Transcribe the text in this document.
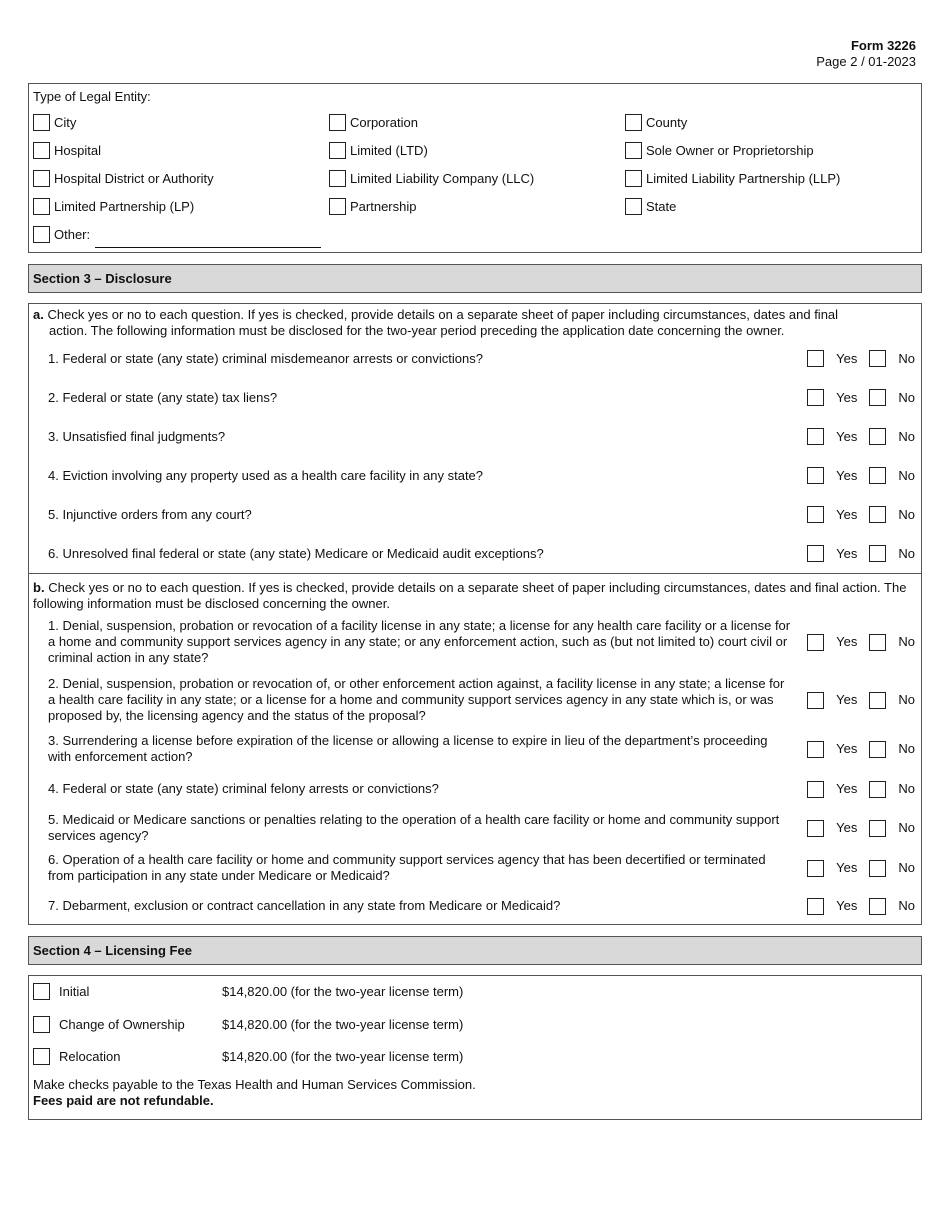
Form 3226
Page 2 / 01-2023
Type of Legal Entity:
City	Corporation	County
Hospital	Limited (LTD)	Sole Owner or Proprietorship
Hospital District or Authority	Limited Liability Company (LLC)	Limited Liability Partnership (LLP)
Limited Partnership (LP)	Partnership	State
Other:
Section 3 – Disclosure
a. Check yes or no to each question. If yes is checked, provide details on a separate sheet of paper including circumstances, dates and final
action. The following information must be disclosed for the two-year period preceding the application date concerning the owner.
1. Federal or state (any state) criminal misdemeanor arrests or convictions?	Yes	No
2. Federal or state (any state) tax liens?	Yes	No
3. Unsatisfied final judgments?	Yes	No
4. Eviction involving any property used as a health care facility in any state?	Yes	No
5. Injunctive orders from any court?	Yes	No
6. Unresolved final federal or state (any state) Medicare or Medicaid audit exceptions?	Yes	No
b. Check yes or no to each question. If yes is checked, provide details on a separate sheet of paper including circumstances, dates and final action. The following information must be disclosed concerning the owner.
1. Denial, suspension, probation or revocation of a facility license in any state; a license for any health care facility or a license for a home and community support services agency in any state; or any enforcement action, such as (but not limited to) court civil or criminal action in any state?
Yes	No
2. Denial, suspension, probation or revocation of, or other enforcement action against, a facility license in any state; a license for a health care facility in any state; or a license for a home and community support services agency in any state which is, or was proposed by, the licensing agency and the status of the proposal?
Yes	No
3. Surrendering a license before expiration of the license or allowing a license to expire in lieu of the department’s proceeding with enforcement action?
Yes	No
4. Federal or state (any state) criminal felony arrests or convictions?	Yes	No
5. Medicaid or Medicare sanctions or penalties relating to the operation of a health care facility or home and community support services agency?
Yes	No
6. Operation of a health care facility or home and community support services agency that has been decertified or terminated from participation in any state under Medicare or Medicaid?
Yes	No
7. Debarment, exclusion or contract cancellation in any state from Medicare or Medicaid?	Yes	No
Section 4 – Licensing Fee
Initial	$14,820.00 (for the two-year license term)
Change of Ownership	$14,820.00 (for the two-year license term)
Relocation	$14,820.00 (for the two-year license term)
Make checks payable to the Texas Health and Human Services Commission.
Fees paid are not refundable.
